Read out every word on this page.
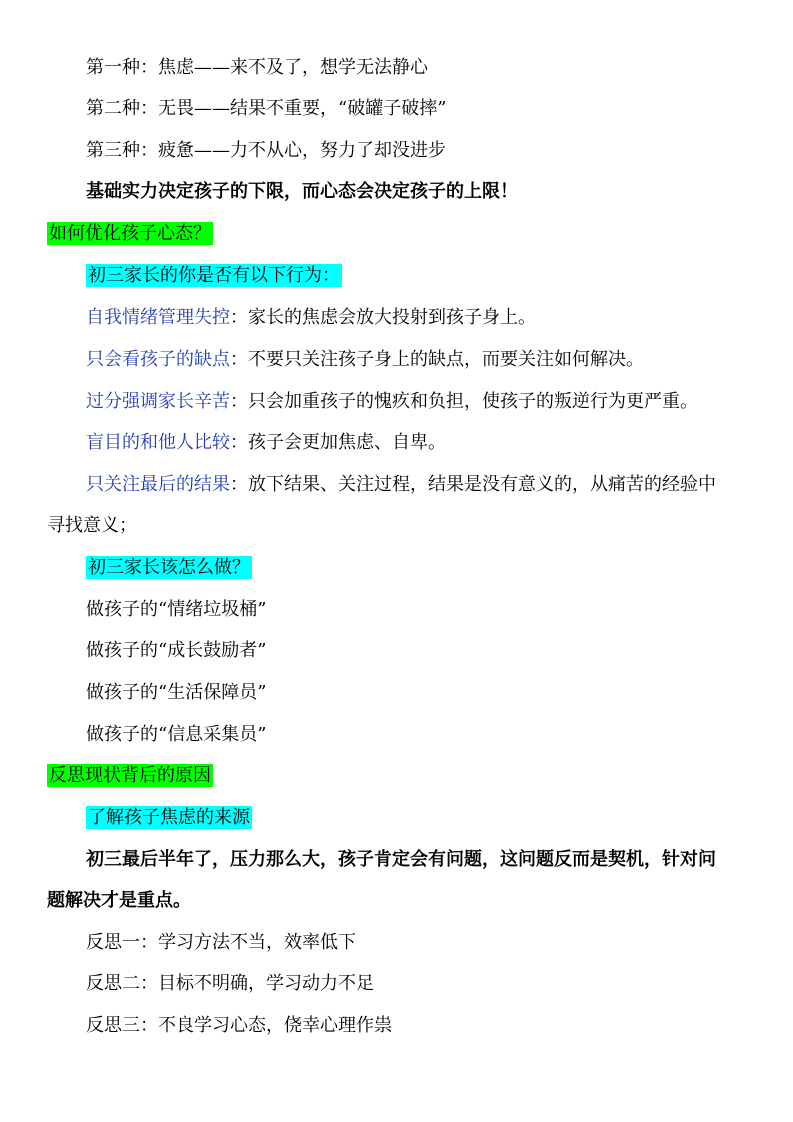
第一种：焦虑——来不及了，想学无法静心
第二种：无畏——结果不重要，“破罐子破摔”
第三种：疲惫——力不从心，努力了却没进步
基础实力决定孩子的下限，而心态会决定孩子的上限！
如何优化孩子心态？
初三家长的你是否有以下行为：
自我情绪管理失控：家长的焦虑会放大投射到孩子身上。
只会看孩子的缺点：不要只关注孩子身上的缺点，而要关注如何解决。
过分强调家长辛苦：只会加重孩子的愧疚和负担，使孩子的叛逆行为更严重。
盲目的和他人比较：孩子会更加焦虑、自卑。
只关注最后的结果：放下结果、关注过程，结果是没有意义的，从痛苦的经验中
寻找意义；
初三家长该怎么做？
做孩子的“情绪垃圾桶”
做孩子的“成长鼓励者”
做孩子的“生活保障员”
做孩子的“信息采集员”
反思现状背后的原因
了解孩子焦虑的来源
初三最后半年了，压力那么大，孩子肯定会有问题，这问题反而是契机，针对问
题解决才是重点。
反思一：学习方法不当，效率低下
反思二：目标不明确，学习动力不足
反思三：不良学习心态，侥幸心理作祟
